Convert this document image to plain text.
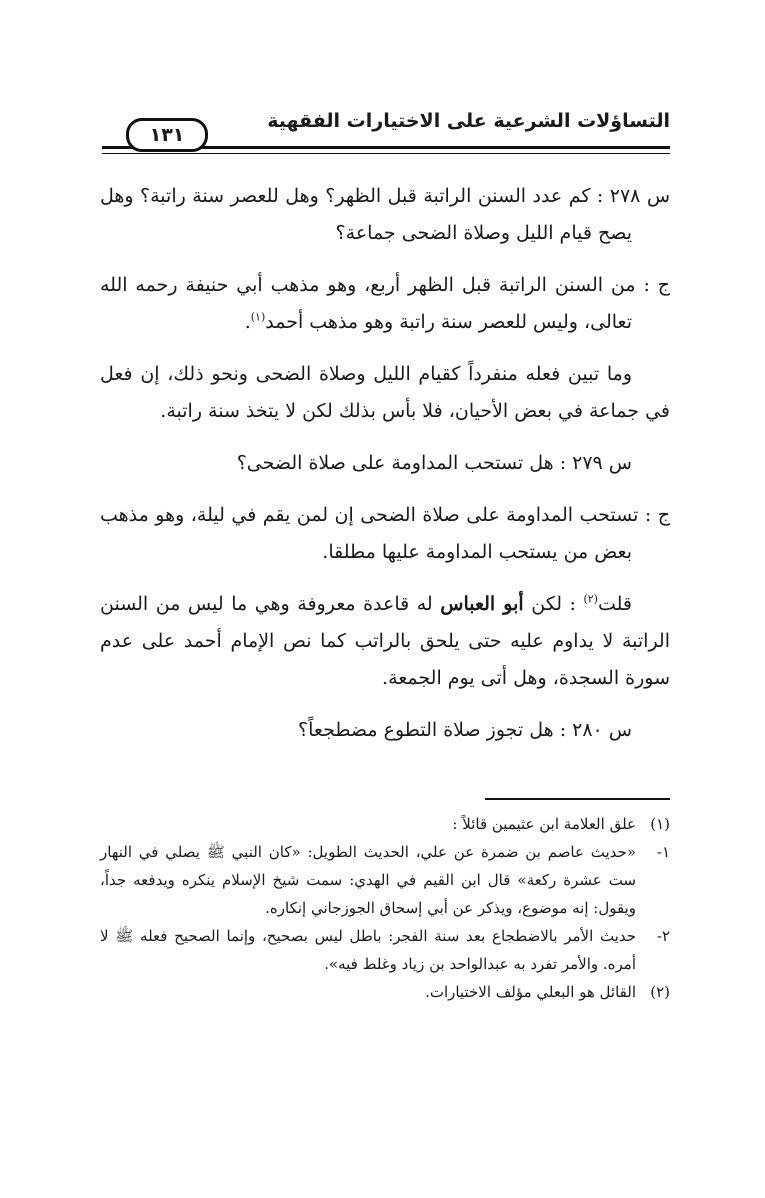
التساؤلات الشرعية على الاختيارات الفقهية
١٣١

س ٢٧٨ : كم عدد السنن الراتبة قبل الظهر؟ وهل للعصر سنة راتبة؟ وهل يصح قيام الليل وصلاة الضحى جماعة؟

ج : من السنن الراتبة قبل الظهر أربع، وهو مذهب أبي حنيفة رحمه الله تعالى، وليس للعصر سنة راتبة وهو مذهب أحمد$^{(١)}$.

وما تبين فعله منفرداً كقيام الليل وصلاة الضحى ونحو ذلك، إن فعل في جماعة في بعض الأحيان، فلا بأس بذلك لكن لا يتخذ سنة راتبة.

س ٢٧٩ : هل تستحب المداومة على صلاة الضحى؟

ج : تستحب المداومة على صلاة الضحى إن لمن يقم في ليلة، وهو مذهب بعض من يستحب المداومة عليها مطلقا.

قلت$^{(٢)}$ : لكن أبو العباس له قاعدة معروفة وهي ما ليس من السنن الراتبة لا يداوم عليه حتى يلحق بالراتب كما نص الإمام أحمد على عدم سورة السجدة، وهل أتى يوم الجمعة.

س ٢٨٠ : هل تجوز صلاة التطوع مضطجعاً؟

(١)
علق العلامة ابن عثيمين قائلاً :
١-
«حديث عاصم بن ضمرة عن علي، الحديث الطويل: «كان النبي ﷺ يصلي في النهار ست عشرة ركعة» قال ابن القيم في الهدي: سمت شيخ الإسلام ينكره ويدفعه جداً، ويقول: إنه موضوع، ويذكر عن أبي إسحاق الجوزجاني إنكاره.
٢-
حديث الأمر بالاضطجاع بعد سنة الفجر: باطل ليس بصحيح، وإنما الصحيح فعله ﷺ لا أمره. والأمر تفرد به عبدالواحد بن زياد وغلط فيه».
(٢)
القائل هو البعلي مؤلف الاختيارات.
